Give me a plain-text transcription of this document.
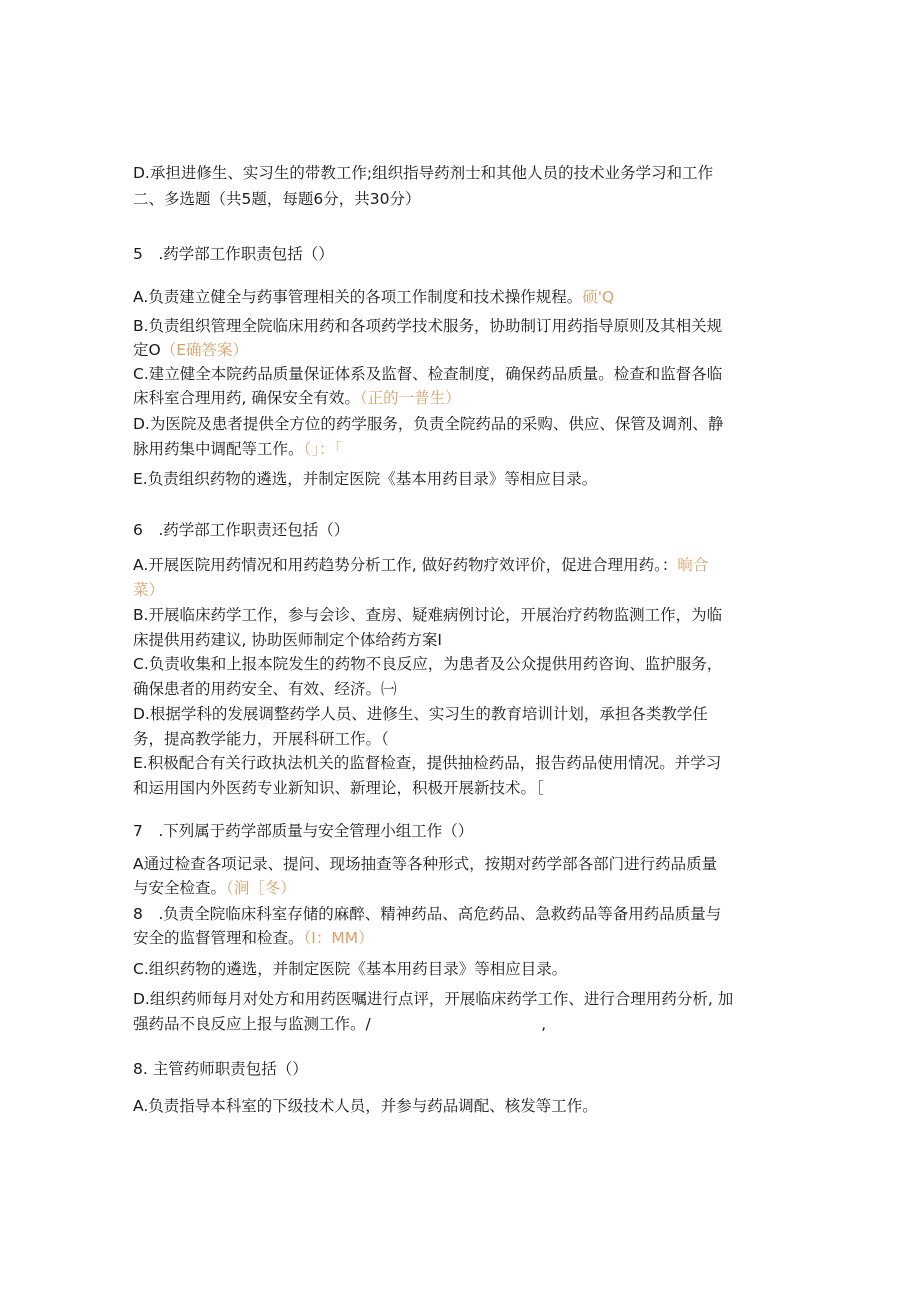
D.承担进修生、实习生的带教工作;组织指导药剂士和其他人员的技术业务学习和工作
二、多选题（共5题，每题6分，共30分）
5　.药学部工作职责包括（）
A.负责建立健全与药事管理相关的各项工作制度和技术操作规程。硕'Q
B.负责组织管理全院临床用药和各项药学技术服务，协助制订用药指导原则及其相关规
定O（E确答案）
C.建立健全本院药品质量保证体系及监督、检查制度，确保药品质量。检查和监督各临
床科室合理用药, 确保安全有效。（正的一普生）
D.为医院及患者提供全方位的药学服务，负责全院药品的采购、供应、保管及调剂、静
脉用药集中调配等工作。（」：「
E.负责组织药物的遴选，并制定医院《基本用药目录》等相应目录。
6　.药学部工作职责还包括（）
A.开展医院用药情况和用药趋势分析工作, 做好药物疗效评价，促进合理用药。：晌合
菜）
B.开展临床药学工作，参与会诊、查房、疑难病例讨论，开展治疗药物监测工作，为临
床提供用药建议, 协助医师制定个体给药方案I
C.负责收集和上报本院发生的药物不良反应，为患者及公众提供用药咨询、监护服务，
确保患者的用药安全、有效、经济。㈠
D.根据学科的发展调整药学人员、进修生、实习生的教育培训计划，承担各类教学任
务，提高教学能力，开展科研工作。（
E.积极配合有关行政执法机关的监督检查，提供抽检药品，报告药品使用情况。并学习
和运用国内外医药专业新知识、新理论，积极开展新技术。［
7　.下列属于药学部质量与安全管理小组工作（）
A通过检查各项记录、提问、现场抽查等各种形式，按期对药学部各部门进行药品质量
与安全检查。（涧［冬）
8　.负责全院临床科室存储的麻醉、精神药品、高危药品、急救药品等备用药品质量与
安全的监督管理和检查。（I：MM）
C.组织药物的遴选，并制定医院《基本用药目录》等相应目录。
D.组织药师每月对处方和用药医嘱进行点评，开展临床药学工作、进行合理用药分析, 加
强药品不良反应上报与监测工作。/　　　　　　　　　　　,
8. 主管药师职责包括（）
A.负责指导本科室的下级技术人员，并参与药品调配、核发等工作。
